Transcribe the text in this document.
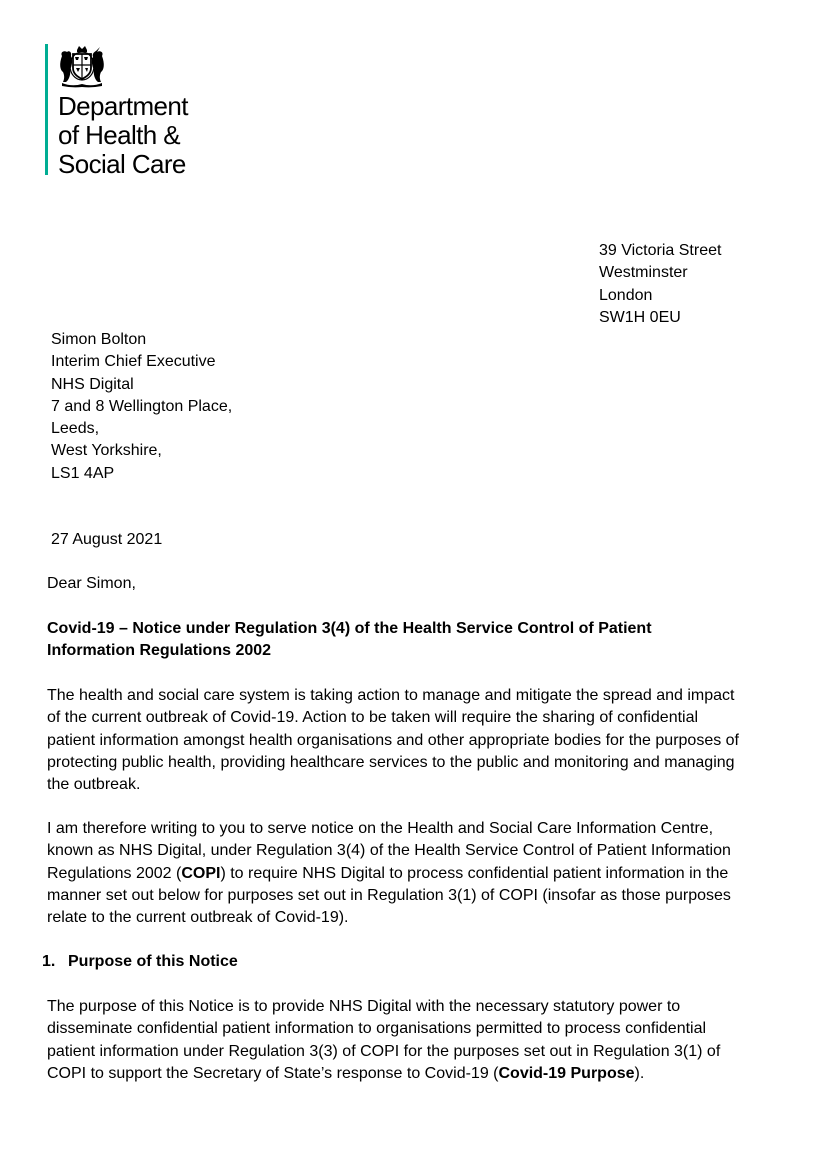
Department
of Health &
Social Care
39 Victoria Street
Westminster
London
SW1H 0EU
Simon Bolton
Interim Chief Executive
NHS Digital
7 and 8 Wellington Place,
Leeds,
West Yorkshire,
LS1 4AP
27 August 2021
Dear Simon,
Covid-19 – Notice under Regulation 3(4) of the Health Service Control of Patient
Information Regulations 2002
The health and social care system is taking action to manage and mitigate the spread and impact
of the current outbreak of Covid-19. Action to be taken will require the sharing of confidential
patient information amongst health organisations and other appropriate bodies for the purposes of
protecting public health, providing healthcare services to the public and monitoring and managing
the outbreak.
I am therefore writing to you to serve notice on the Health and Social Care Information Centre,
known as NHS Digital, under Regulation 3(4) of the Health Service Control of Patient Information
Regulations 2002 (COPI) to require NHS Digital to process confidential patient information in the
manner set out below for purposes set out in Regulation 3(1) of COPI (insofar as those purposes
relate to the current outbreak of Covid-19).
1. Purpose of this Notice
The purpose of this Notice is to provide NHS Digital with the necessary statutory power to
disseminate confidential patient information to organisations permitted to process confidential
patient information under Regulation 3(3) of COPI for the purposes set out in Regulation 3(1) of
COPI to support the Secretary of State’s response to Covid-19 (Covid-19 Purpose).
